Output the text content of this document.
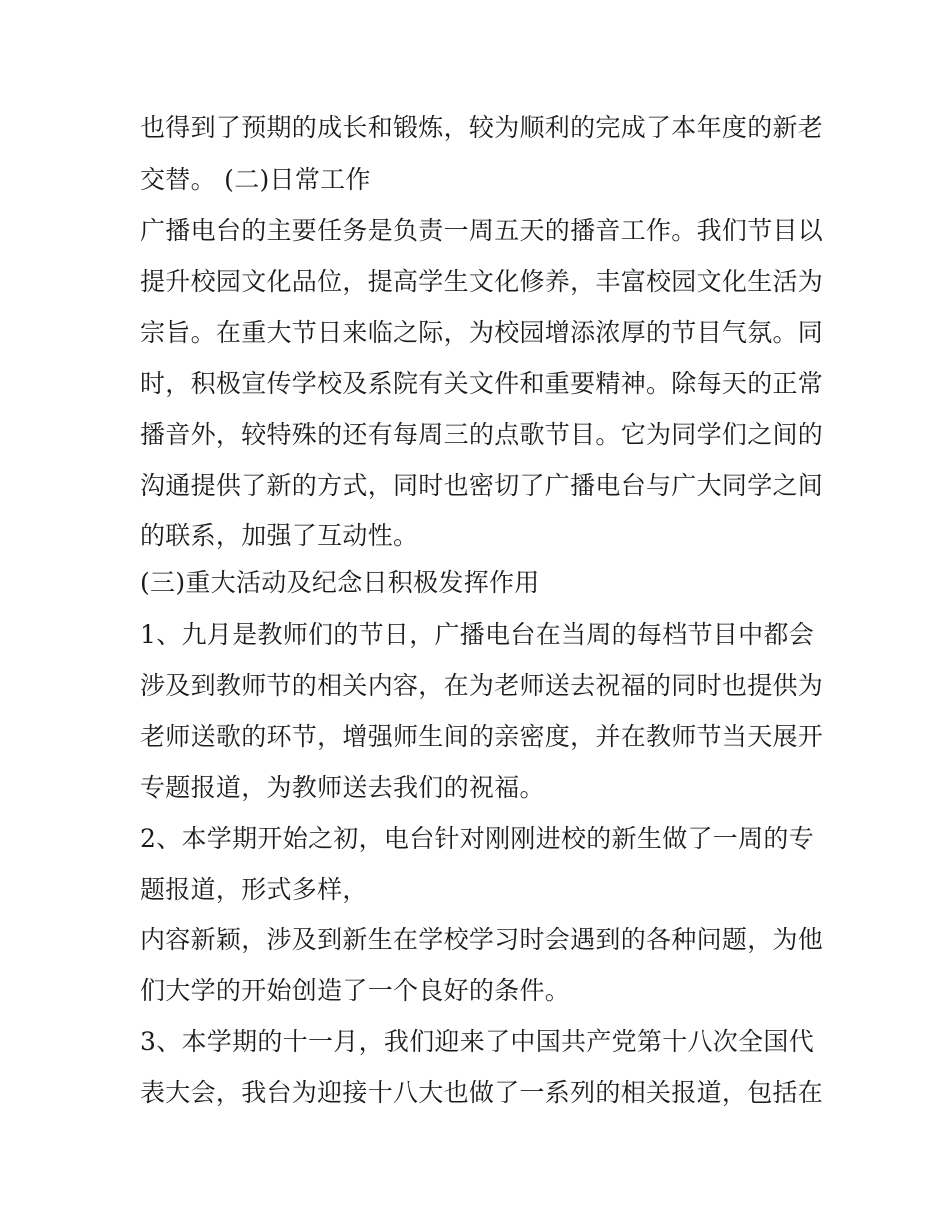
也得到了预期的成长和锻炼，较为顺利的完成了本年度的新老
交替。 (二)日常工作
广播电台的主要任务是负责一周五天的播音工作。我们节目以
提升校园文化品位，提高学生文化修养，丰富校园文化生活为
宗旨。在重大节日来临之际，为校园增添浓厚的节目气氛。同
时，积极宣传学校及系院有关文件和重要精神。除每天的正常
播音外，较特殊的还有每周三的点歌节目。它为同学们之间的
沟通提供了新的方式，同时也密切了广播电台与广大同学之间
的联系，加强了互动性。
(三)重大活动及纪念日积极发挥作用
1、九月是教师们的节日，广播电台在当周的每档节目中都会
涉及到教师节的相关内容，在为老师送去祝福的同时也提供为
老师送歌的环节，增强师生间的亲密度，并在教师节当天展开
专题报道，为教师送去我们的祝福。
2、本学期开始之初，电台针对刚刚进校的新生做了一周的专
题报道，形式多样，
内容新颖，涉及到新生在学校学习时会遇到的各种问题，为他
们大学的开始创造了一个良好的条件。
3、本学期的十一月，我们迎来了中国共产党第十八次全国代
表大会，我台为迎接十八大也做了一系列的相关报道，包括在
